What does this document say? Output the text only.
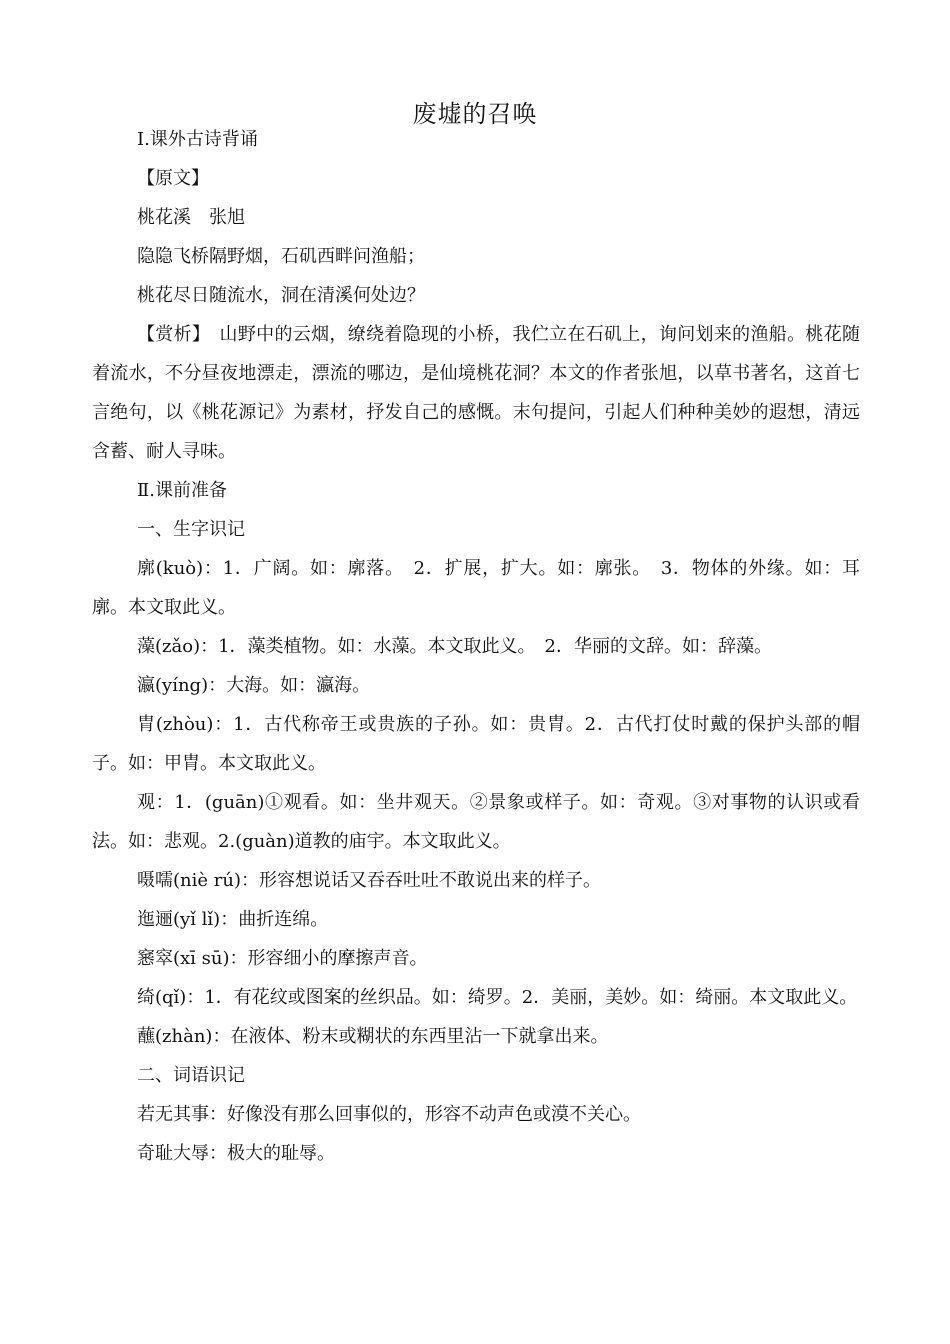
废墟的召唤

Ⅰ.课外古诗背诵

【原文】

桃花溪　张旭

隐隐飞桥隔野烟，石矶西畔问渔船；

桃花尽日随流水，洞在清溪何处边？

【赏析】　山野中的云烟，缭绕着隐现的小桥，我伫立在石矶上，询问划来的渔船。桃花随着流水，不分昼夜地漂走，漂流的哪边，是仙境桃花洞？本文的作者张旭，以草书著名，这首七言绝句，以《桃花源记》为素材，抒发自己的感慨。末句提问，引起人们种种美妙的遐想，清远含蓄、耐人寻味。

Ⅱ.课前准备

一、生字识记

廓(kuò)：1．广阔。如：廓落。　2．扩展，扩大。如：廓张。　3．物体的外缘。如：耳廓。本文取此义。

藻(zǎo)：1．藻类植物。如：水藻。本文取此义。　2．华丽的文辞。如：辞藻。

瀛(yíng)：大海。如：瀛海。

胄(zhòu)：1．古代称帝王或贵族的子孙。如：贵胄。2．古代打仗时戴的保护头部的帽子。如：甲胄。本文取此义。

观：1．(guān)①观看。如：坐井观天。②景象或样子。如：奇观。③对事物的认识或看法。如：悲观。2.(guàn)道教的庙宇。本文取此义。

嗫嚅(niè rú)：形容想说话又吞吞吐吐不敢说出来的样子。

迤逦(yǐ lǐ)：曲折连绵。

窸窣(xī sū)：形容细小的摩擦声音。

绮(qǐ)：1．有花纹或图案的丝织品。如：绮罗。2．美丽，美妙。如：绮丽。本文取此义。

蘸(zhàn)：在液体、粉末或糊状的东西里沾一下就拿出来。

二、词语识记

若无其事：好像没有那么回事似的，形容不动声色或漠不关心。

奇耻大辱：极大的耻辱。
